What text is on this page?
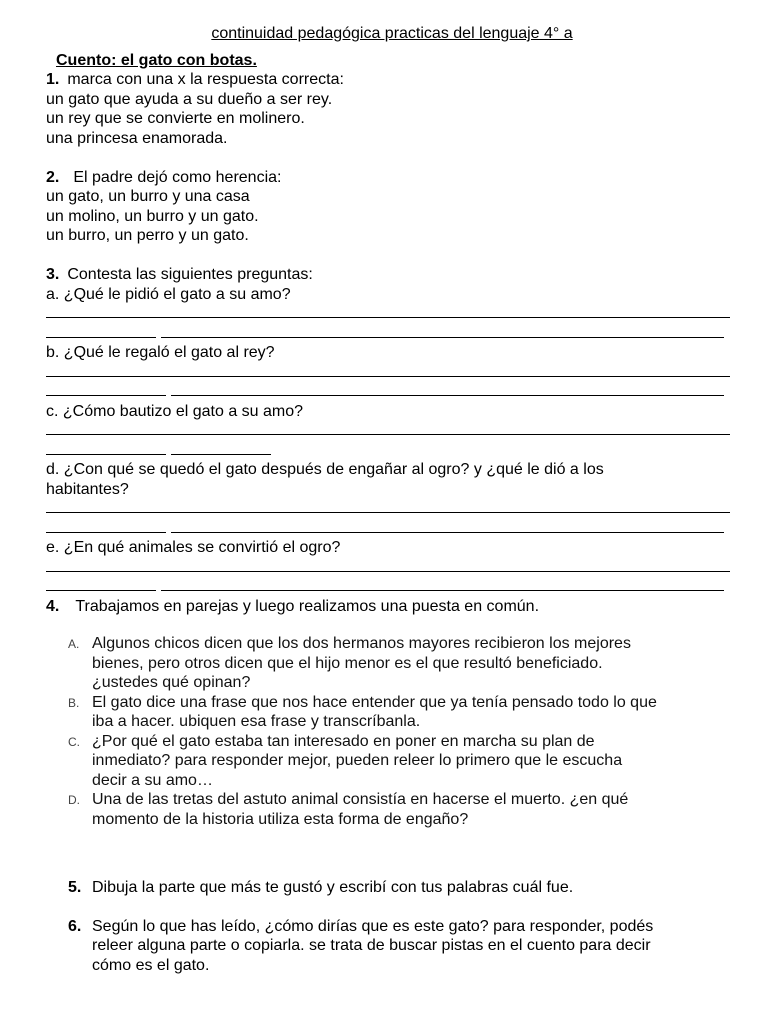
continuidad pedagógica practicas del lenguaje 4° a
Cuento: el gato con botas.
1. marca con una x la respuesta correcta:
un gato que ayuda a su dueño a ser rey.
un rey que se convierte en molinero.
una princesa enamorada.
2. El padre dejó como herencia:
un gato, un burro y una casa
un molino, un burro y un gato.
un burro, un perro y un gato.
3. Contesta las siguientes preguntas:
a. ¿Qué le pidió el gato a su amo?
b. ¿Qué le regaló el gato al rey?
c. ¿Cómo bautizo el gato a su amo?
d. ¿Con qué se quedó el gato después de engañar al ogro? y ¿qué le dió a los
habitantes?
e. ¿En qué animales se convirtió el ogro?
4. Trabajamos en parejas y luego realizamos una puesta en común.
A. Algunos chicos dicen que los dos hermanos mayores recibieron los mejores
bienes, pero otros dicen que el hijo menor es el que resultó beneficiado.
¿ustedes qué opinan?
B. El gato dice una frase que nos hace entender que ya tenía pensado todo lo que
iba a hacer. ubiquen esa frase y transcríbanla.
C. ¿Por qué el gato estaba tan interesado en poner en marcha su plan de
inmediato? para responder mejor, pueden releer lo primero que le escucha
decir a su amo…
D. Una de las tretas del astuto animal consistía en hacerse el muerto. ¿en qué
momento de la historia utiliza esta forma de engaño?
5. Dibuja la parte que más te gustó y escribí con tus palabras cuál fue.
6. Según lo que has leído, ¿cómo dirías que es este gato? para responder, podés
releer alguna parte o copiarla. se trata de buscar pistas en el cuento para decir
cómo es el gato.
